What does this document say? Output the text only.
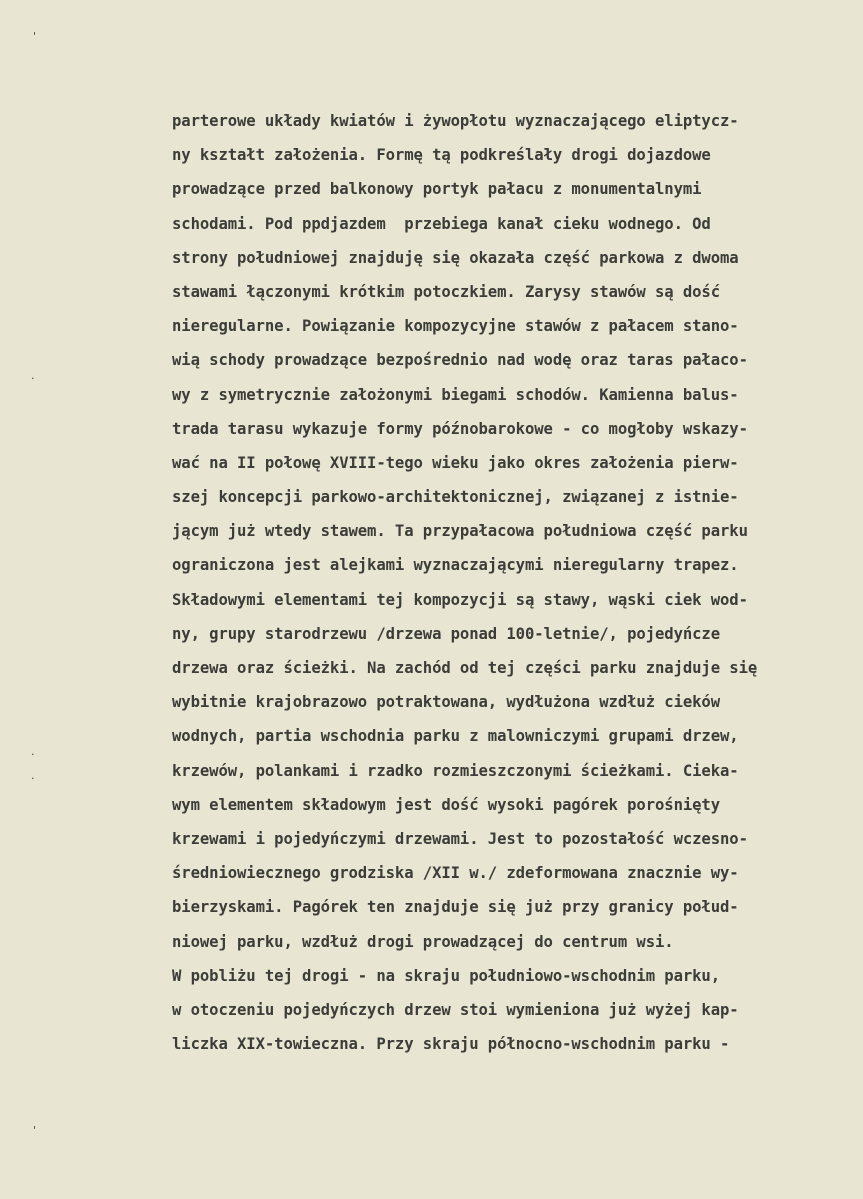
'
·
·
·
'
parterowe układy kwiatów i żywopłotu wyznaczającego eliptycz-
ny kształt założenia. Formę tą podkreślały drogi dojazdowe
prowadzące przed balkonowy portyk pałacu z monumentalnymi
schodami. Pod ppdjazdem  przebiega kanał cieku wodnego. Od
strony południowej znajduję się okazała część parkowa z dwoma
stawami łączonymi krótkim potoczkiem. Zarysy stawów są dość
nieregularne. Powiązanie kompozycyjne stawów z pałacem stano-
wią schody prowadzące bezpośrednio nad wodę oraz taras pałaco-
wy z symetrycznie założonymi biegami schodów. Kamienna balus-
trada tarasu wykazuje formy późnobarokowe - co mogłoby wskazy-
wać na II połowę XVIII-tego wieku jako okres założenia pierw-
szej koncepcji parkowo-architektonicznej, związanej z istnie-
jącym już wtedy stawem. Ta przypałacowa południowa część parku
ograniczona jest alejkami wyznaczającymi nieregularny trapez.
Składowymi elementami tej kompozycji są stawy, wąski ciek wod-
ny, grupy starodrzewu /drzewa ponad 100-letnie/, pojedyńcze
drzewa oraz ścieżki. Na zachód od tej części parku znajduje się
wybitnie krajobrazowo potraktowana, wydłużona wzdłuż cieków
wodnych, partia wschodnia parku z malowniczymi grupami drzew,
krzewów, polankami i rzadko rozmieszczonymi ścieżkami. Cieka-
wym elementem składowym jest dość wysoki pagórek porośnięty
krzewami i pojedyńczymi drzewami. Jest to pozostałość wczesno-
średniowiecznego grodziska /XII w./ zdeformowana znacznie wy-
bierzyskami. Pagórek ten znajduje się już przy granicy połud-
niowej parku, wzdłuż drogi prowadzącej do centrum wsi.
W pobliżu tej drogi - na skraju południowo-wschodnim parku,
w otoczeniu pojedyńczych drzew stoi wymieniona już wyżej kap-
liczka XIX-towieczna. Przy skraju północno-wschodnim parku -
